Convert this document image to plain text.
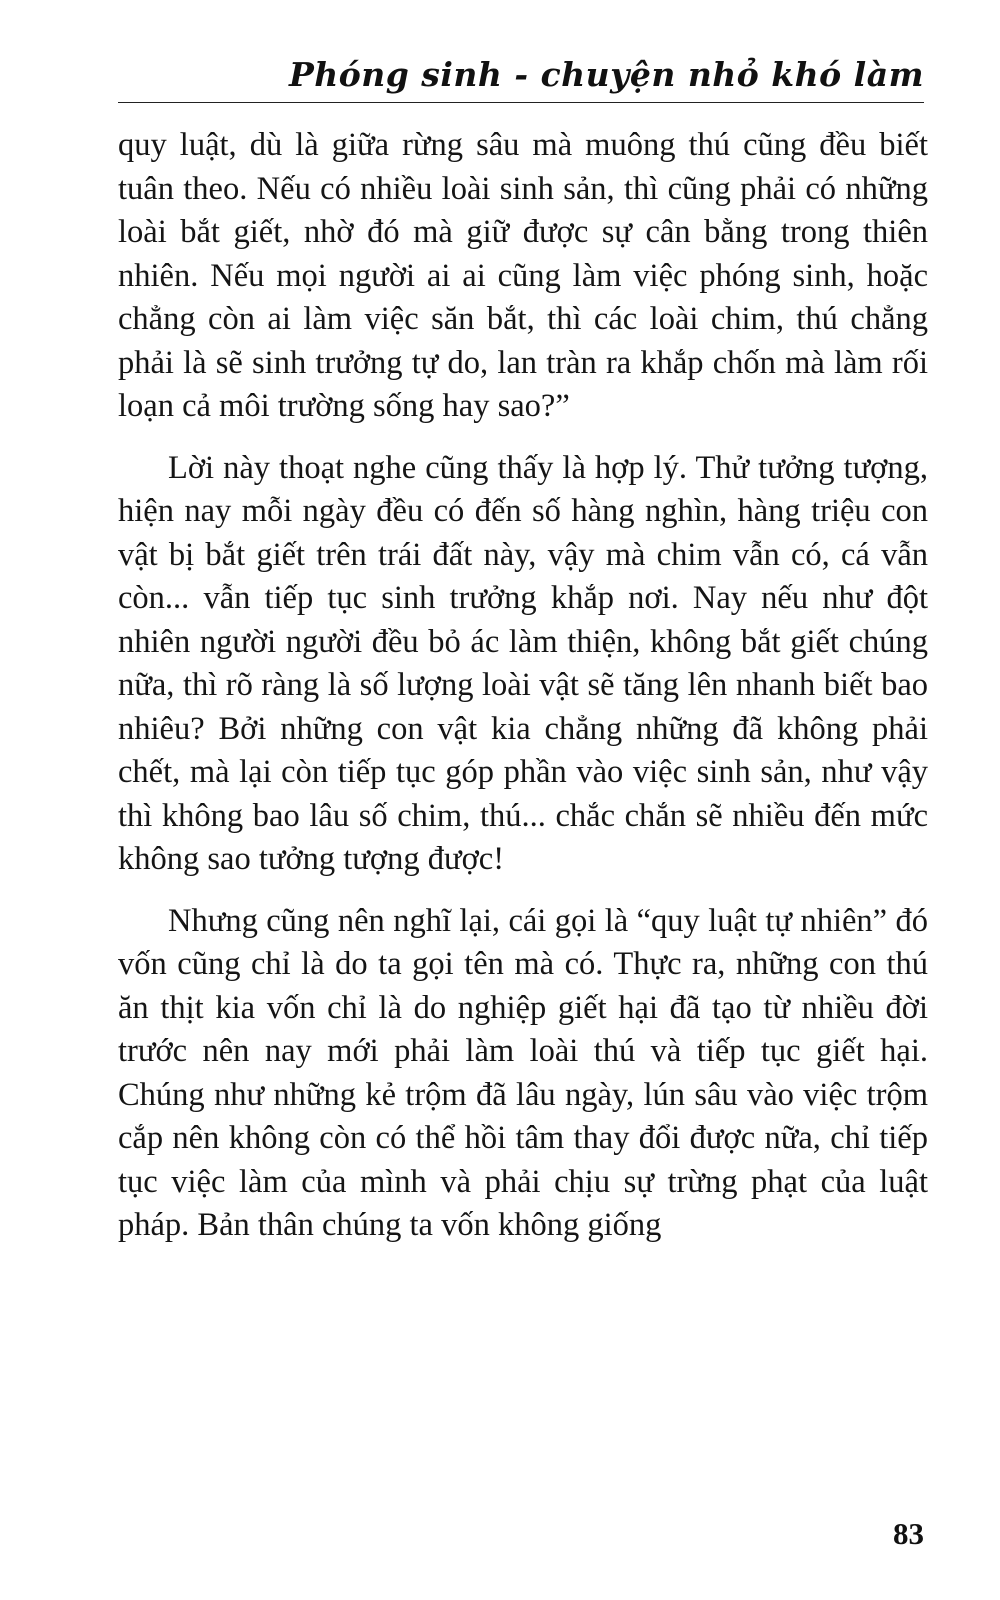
Phóng sinh - chuyện nhỏ khó làm

quy luật, dù là giữa rừng sâu mà muông thú cũng đều biết tuân theo. Nếu có nhiều loài sinh sản, thì cũng phải có những loài bắt giết, nhờ đó mà giữ được sự cân bằng trong thiên nhiên. Nếu mọi người ai ai cũng làm việc phóng sinh, hoặc chẳng còn ai làm việc săn bắt, thì các loài chim, thú chẳng phải là sẽ sinh trưởng tự do, lan tràn ra khắp chốn mà làm rối loạn cả môi trường sống hay sao?”

Lời này thoạt nghe cũng thấy là hợp lý. Thử tưởng tượng, hiện nay mỗi ngày đều có đến số hàng nghìn, hàng triệu con vật bị bắt giết trên trái đất này, vậy mà chim vẫn có, cá vẫn còn... vẫn tiếp tục sinh trưởng khắp nơi. Nay nếu như đột nhiên người người đều bỏ ác làm thiện, không bắt giết chúng nữa, thì rõ ràng là số lượng loài vật sẽ tăng lên nhanh biết bao nhiêu? Bởi những con vật kia chẳng những đã không phải chết, mà lại còn tiếp tục góp phần vào việc sinh sản, như vậy thì không bao lâu số chim, thú... chắc chắn sẽ nhiều đến mức không sao tưởng tượng được!

Nhưng cũng nên nghĩ lại, cái gọi là “quy luật tự nhiên” đó vốn cũng chỉ là do ta gọi tên mà có. Thực ra, những con thú ăn thịt kia vốn chỉ là do nghiệp giết hại đã tạo từ nhiều đời trước nên nay mới phải làm loài thú và tiếp tục giết hại. Chúng như những kẻ trộm đã lâu ngày, lún sâu vào việc trộm cắp nên không còn có thể hồi tâm thay đổi được nữa, chỉ tiếp tục việc làm của mình và phải chịu sự trừng phạt của luật pháp. Bản thân chúng ta vốn không giống

83
